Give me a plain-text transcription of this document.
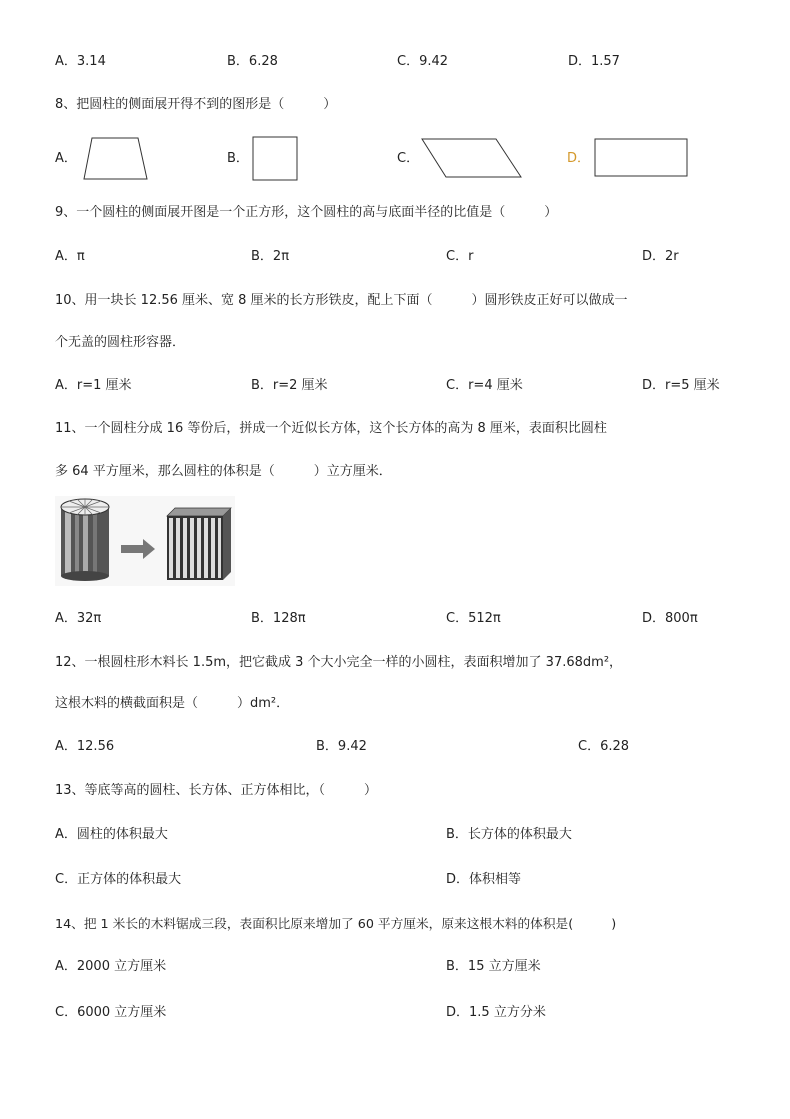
A．3.14	B．6.28	C．9.42	D．1.57
8、把圆柱的侧面展开得不到的图形是（　　　）
A．	B．	C．	D．
9、一个圆柱的侧面展开图是一个正方形，这个圆柱的高与底面半径的比值是（　　　）
A．π	B．2π	C．r	D．2r
10、用一块长 12.56 厘米、宽 8 厘米的长方形铁皮，配上下面（　　　）圆形铁皮正好可以做成一
个无盖的圆柱形容器．
A．r=1 厘米	B．r=2 厘米	C．r=4 厘米	D．r=5 厘米
11、一个圆柱分成 16 等份后，拼成一个近似长方体，这个长方体的高为 8 厘米，表面积比圆柱
多 64 平方厘米，那么圆柱的体积是（　　　）立方厘米．
A．32π	B．128π	C．512π	D．800π
12、一根圆柱形木料长 1.5m，把它截成 3 个大小完全一样的小圆柱，表面积增加了 37.68dm²，
这根木料的横截面积是（　　　）dm²．
A．12.56	B．9.42	C．6.28
13、等底等高的圆柱、长方体、正方体相比，（　　　）
A．圆柱的体积最大	B．长方体的体积最大
C．正方体的体积最大	D．体积相等
14、把 1 米长的木料锯成三段，表面积比原来增加了 60 平方厘米，原来这根木料的体积是(　　　)
A．2000 立方厘米	B．15 立方厘米
C．6000 立方厘米	D．1.5 立方分米
